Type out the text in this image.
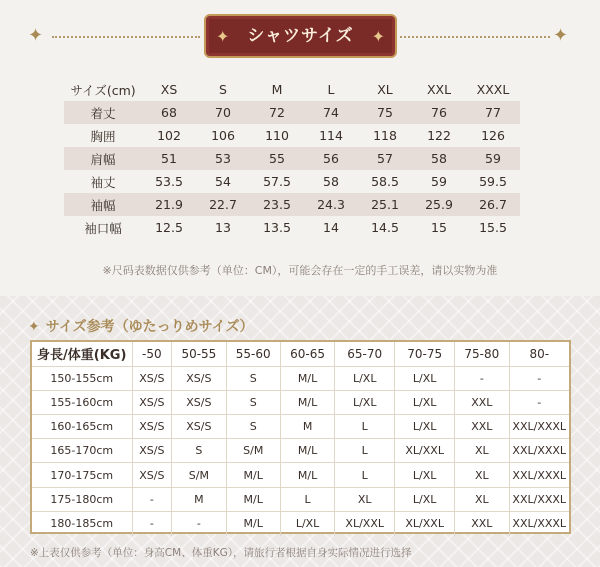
✦	✦	シャツサイズ	✦	✦
サイズ(cm)	XS	S	M	L	XL	XXL	XXXL
着丈	68	70	72	74	75	76	77
胸囲	102	106	110	114	118	122	126
肩幅	51	53	55	56	57	58	59
袖丈	53.5	54	57.5	58	58.5	59	59.5
袖幅	21.9	22.7	23.5	24.3	25.1	25.9	26.7
袖口幅	12.5	13	13.5	14	14.5	15	15.5
※尺码表数据仅供参考（单位：CM），可能会存在一定的手工误差，请以实物为准
✦ サイズ参考（ゆたっりめサイズ）
身長/体重(KG)	-50	50-55	55-60	60-65	65-70	70-75	75-80	80-
150-155cm	XS/S	XS/S	S	M/L	L/XL	L/XL	-	-
155-160cm	XS/S	XS/S	S	M/L	L/XL	L/XL	XXL	-
160-165cm	XS/S	XS/S	S	M	L	L/XL	XXL	XXL/XXXL
165-170cm	XS/S	S	S/M	M/L	L	XL/XXL	XL	XXL/XXXL
170-175cm	XS/S	S/M	M/L	M/L	L	L/XL	XL	XXL/XXXL
175-180cm	-	M	M/L	L	XL	L/XL	XL	XXL/XXXL
180-185cm	-	-	M/L	L/XL	XL/XXL	XL/XXL	XXL	XXL/XXXL
※上表仅供参考（单位：身高CM、体重KG），请旅行者根据自身实际情况进行选择
